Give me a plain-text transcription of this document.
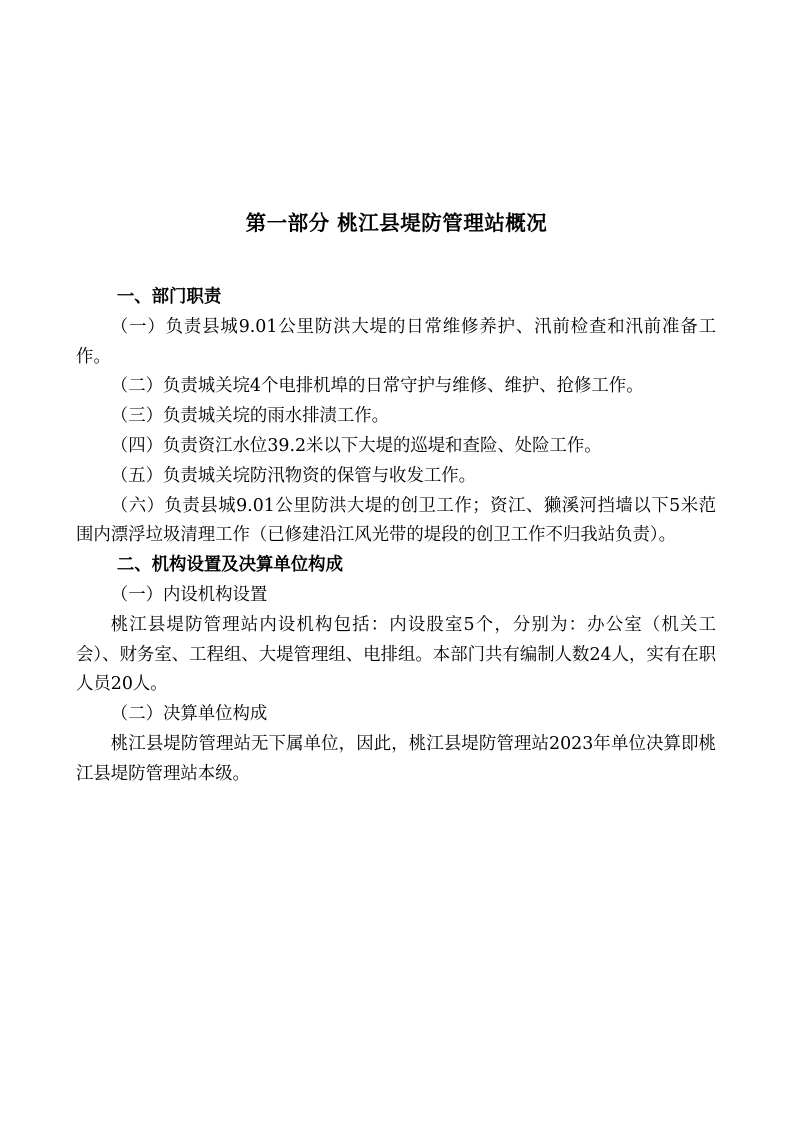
第一部分 桃江县堤防管理站概况
一、部门职责

（一）负责县城9.01公里防洪大堤的日常维修养护、汛前检查和汛前准备工作。

（二）负责城关垸4个电排机埠的日常守护与维修、维护、抢修工作。

（三）负责城关垸的雨水排渍工作。

（四）负责资江水位39.2米以下大堤的巡堤和查险、处险工作。

（五）负责城关垸防汛物资的保管与收发工作。

（六）负责县城9.01公里防洪大堤的创卫工作；资江、獭溪河挡墙以下5米范围内漂浮垃圾清理工作（已修建沿江风光带的堤段的创卫工作不归我站负责）。

二、机构设置及决算单位构成

（一）内设机构设置

桃江县堤防管理站内设机构包括：内设股室5个，分别为：办公室（机关工会）、财务室、工程组、大堤管理组、电排组。本部门共有编制人数24人，实有在职人员20人。

（二）决算单位构成

桃江县堤防管理站无下属单位，因此，桃江县堤防管理站2023年单位决算即桃江县堤防管理站本级。
